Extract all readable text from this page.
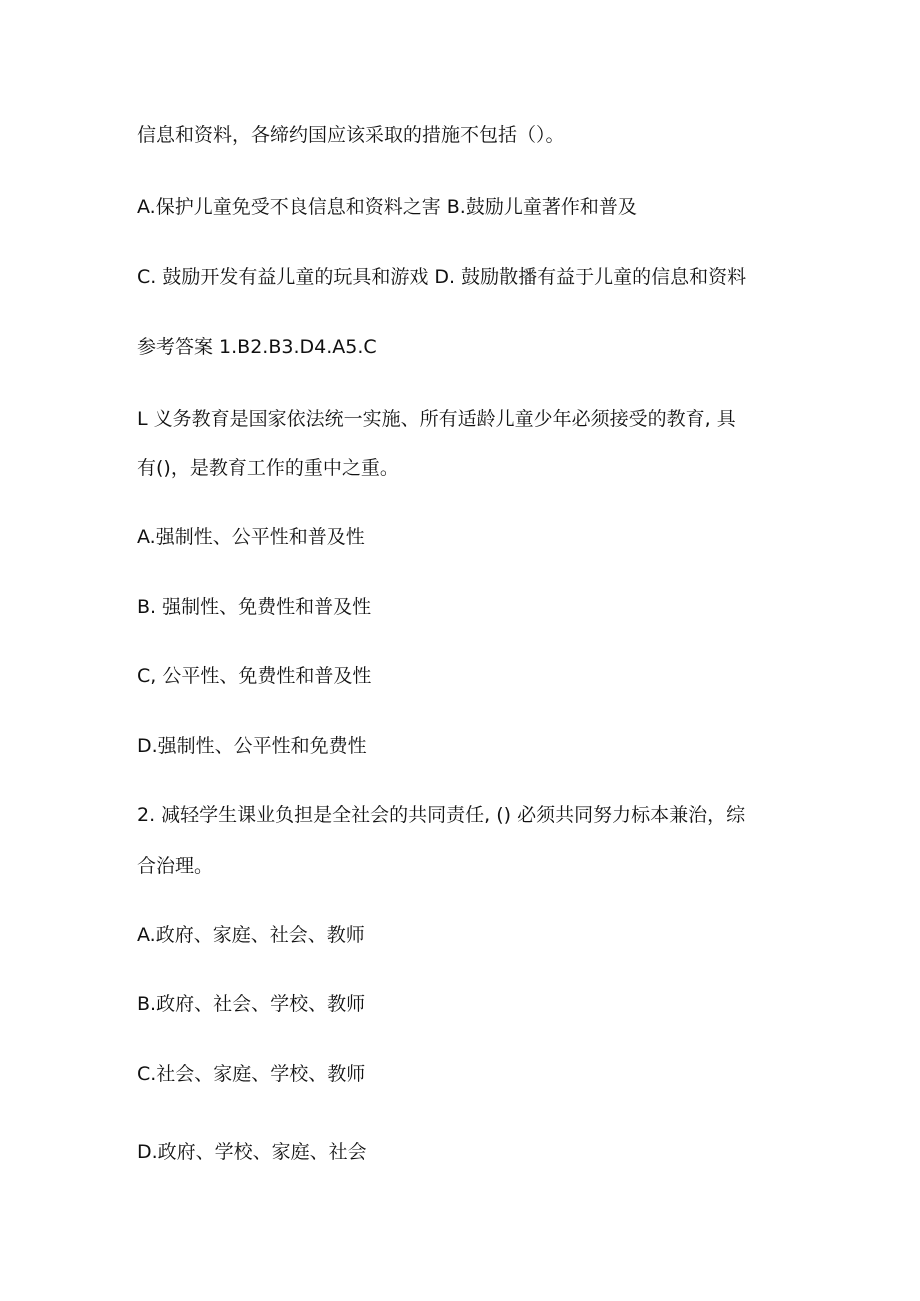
信息和资料，各缔约国应该采取的措施不包括（）。
A.保护儿童免受不良信息和资料之害 B.鼓励儿童著作和普及
C. 鼓励开发有益儿童的玩具和游戏 D. 鼓励散播有益于儿童的信息和资料
参考答案 1.B2.B3.D4.A5.C
L 义务教育是国家依法统一实施、所有适龄儿童少年必须接受的教育, 具
有()，是教育工作的重中之重。
A.强制性、公平性和普及性
B. 强制性、免费性和普及性
C, 公平性、免费性和普及性
D.强制性、公平性和免费性
2. 减轻学生课业负担是全社会的共同责任, () 必须共同努力标本兼治，综
合治理。
A.政府、家庭、社会、教师
B.政府、社会、学校、教师
C.社会、家庭、学校、教师
D.政府、学校、家庭、社会
